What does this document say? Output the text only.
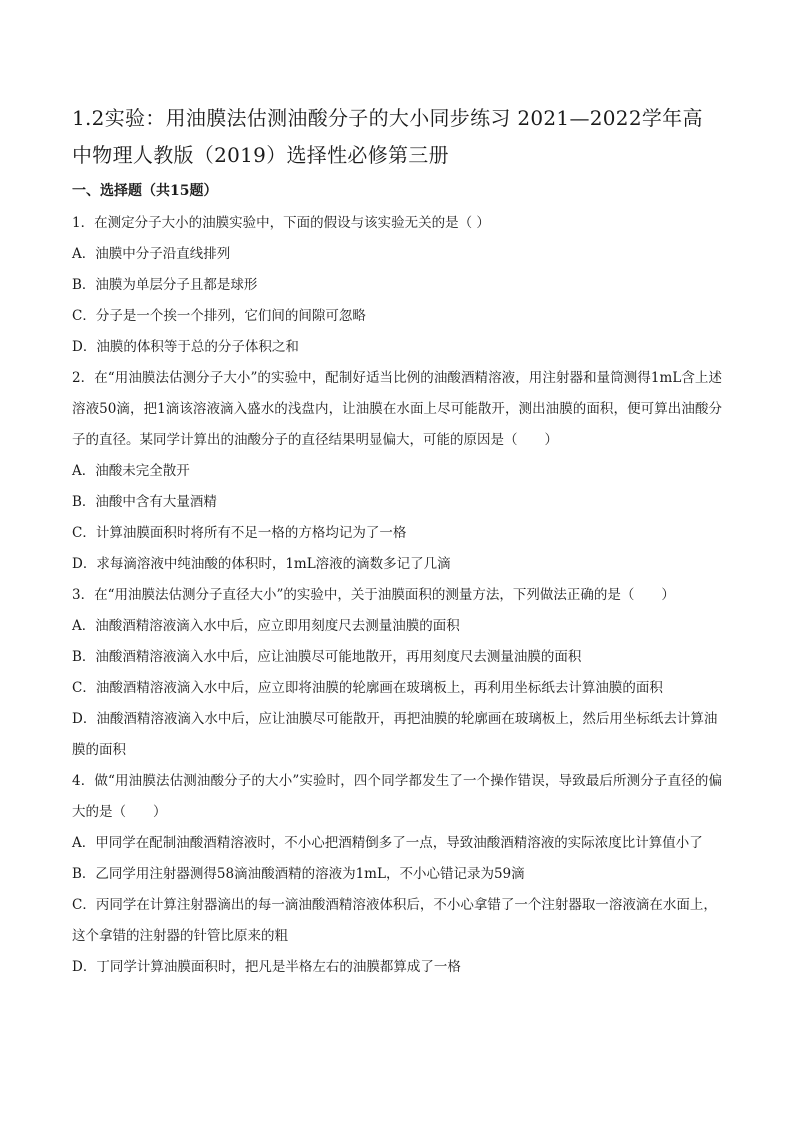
1.2实验：用油膜法估测油酸分子的大小同步练习 2021—2022学年高中物理人教版（2019）选择性必修第三册
一、选择题（共15题）

1．在测定分子大小的油膜实验中，下面的假设与该实验无关的是（ ）

A．油膜中分子沿直线排列

B．油膜为单层分子且都是球形

C．分子是一个挨一个排列，它们间的间隙可忽略

D．油膜的体积等于总的分子体积之和

2．在“用油膜法估测分子大小”的实验中，配制好适当比例的油酸酒精溶液，用注射器和量筒测得1mL含上述溶液50滴，把1滴该溶液滴入盛水的浅盘内，让油膜在水面上尽可能散开，测出油膜的面积，便可算出油酸分子的直径。某同学计算出的油酸分子的直径结果明显偏大，可能的原因是（　　）

A．油酸未完全散开

B．油酸中含有大量酒精

C．计算油膜面积时将所有不足一格的方格均记为了一格

D．求每滴溶液中纯油酸的体积时，1mL溶液的滴数多记了几滴

3．在“用油膜法估测分子直径大小”的实验中，关于油膜面积的测量方法，下列做法正确的是（　　）

A．油酸酒精溶液滴入水中后，应立即用刻度尺去测量油膜的面积

B．油酸酒精溶液滴入水中后，应让油膜尽可能地散开，再用刻度尺去测量油膜的面积

C．油酸酒精溶液滴入水中后，应立即将油膜的轮廓画在玻璃板上，再利用坐标纸去计算油膜的面积

D．油酸酒精溶液滴入水中后，应让油膜尽可能散开，再把油膜的轮廓画在玻璃板上，然后用坐标纸去计算油膜的面积

4．做“用油膜法估测油酸分子的大小”实验时，四个同学都发生了一个操作错误，导致最后所测分子直径的偏大的是（　　）

A．甲同学在配制油酸酒精溶液时，不小心把酒精倒多了一点，导致油酸酒精溶液的实际浓度比计算值小了

B．乙同学用注射器测得58滴油酸酒精的溶液为1mL，不小心错记录为59滴

C．丙同学在计算注射器滴出的每一滴油酸酒精溶液体积后，不小心拿错了一个注射器取一溶液滴在水面上，这个拿错的注射器的针管比原来的粗

D．丁同学计算油膜面积时，把凡是半格左右的油膜都算成了一格
